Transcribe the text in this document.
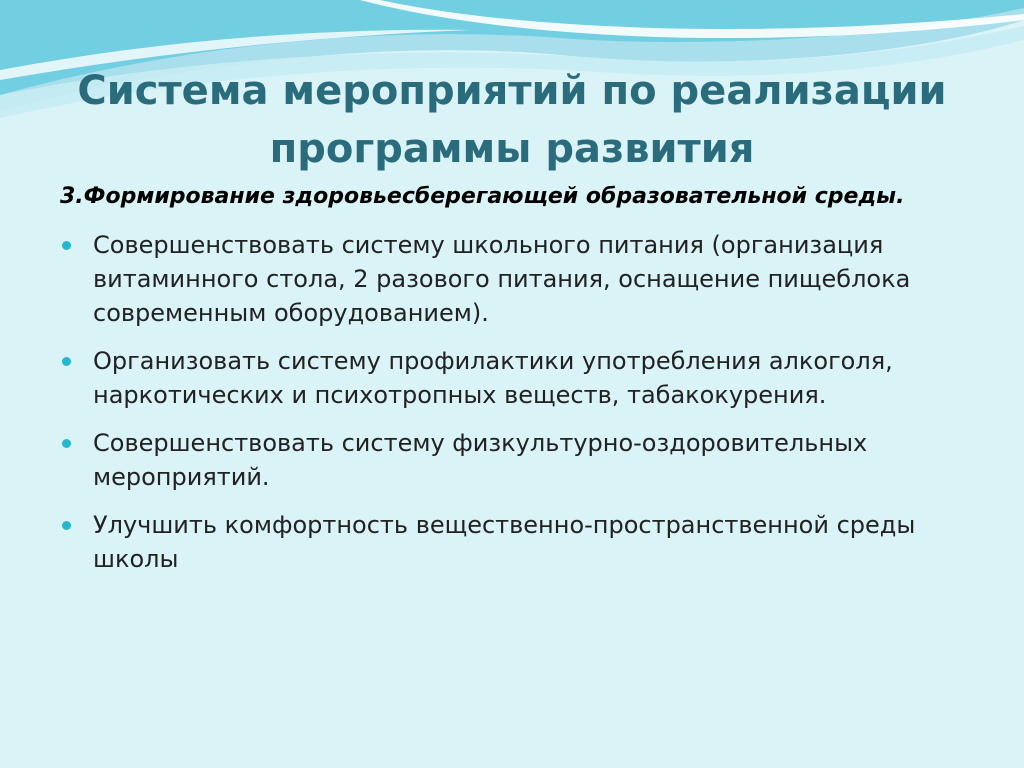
Система мероприятий по реализации программы развития

3.Формирование здоровьесберегающей образовательной среды.

Совершенствовать систему школьного питания (организация витаминного стола, 2 разового питания, оснащение пищеблока современным оборудованием).
Организовать систему профилактики употребления алкоголя, наркотических и психотропных веществ, табакокурения.
Совершенствовать систему физкультурно-оздоровительных мероприятий.
Улучшить комфортность вещественно-пространственной среды школы
